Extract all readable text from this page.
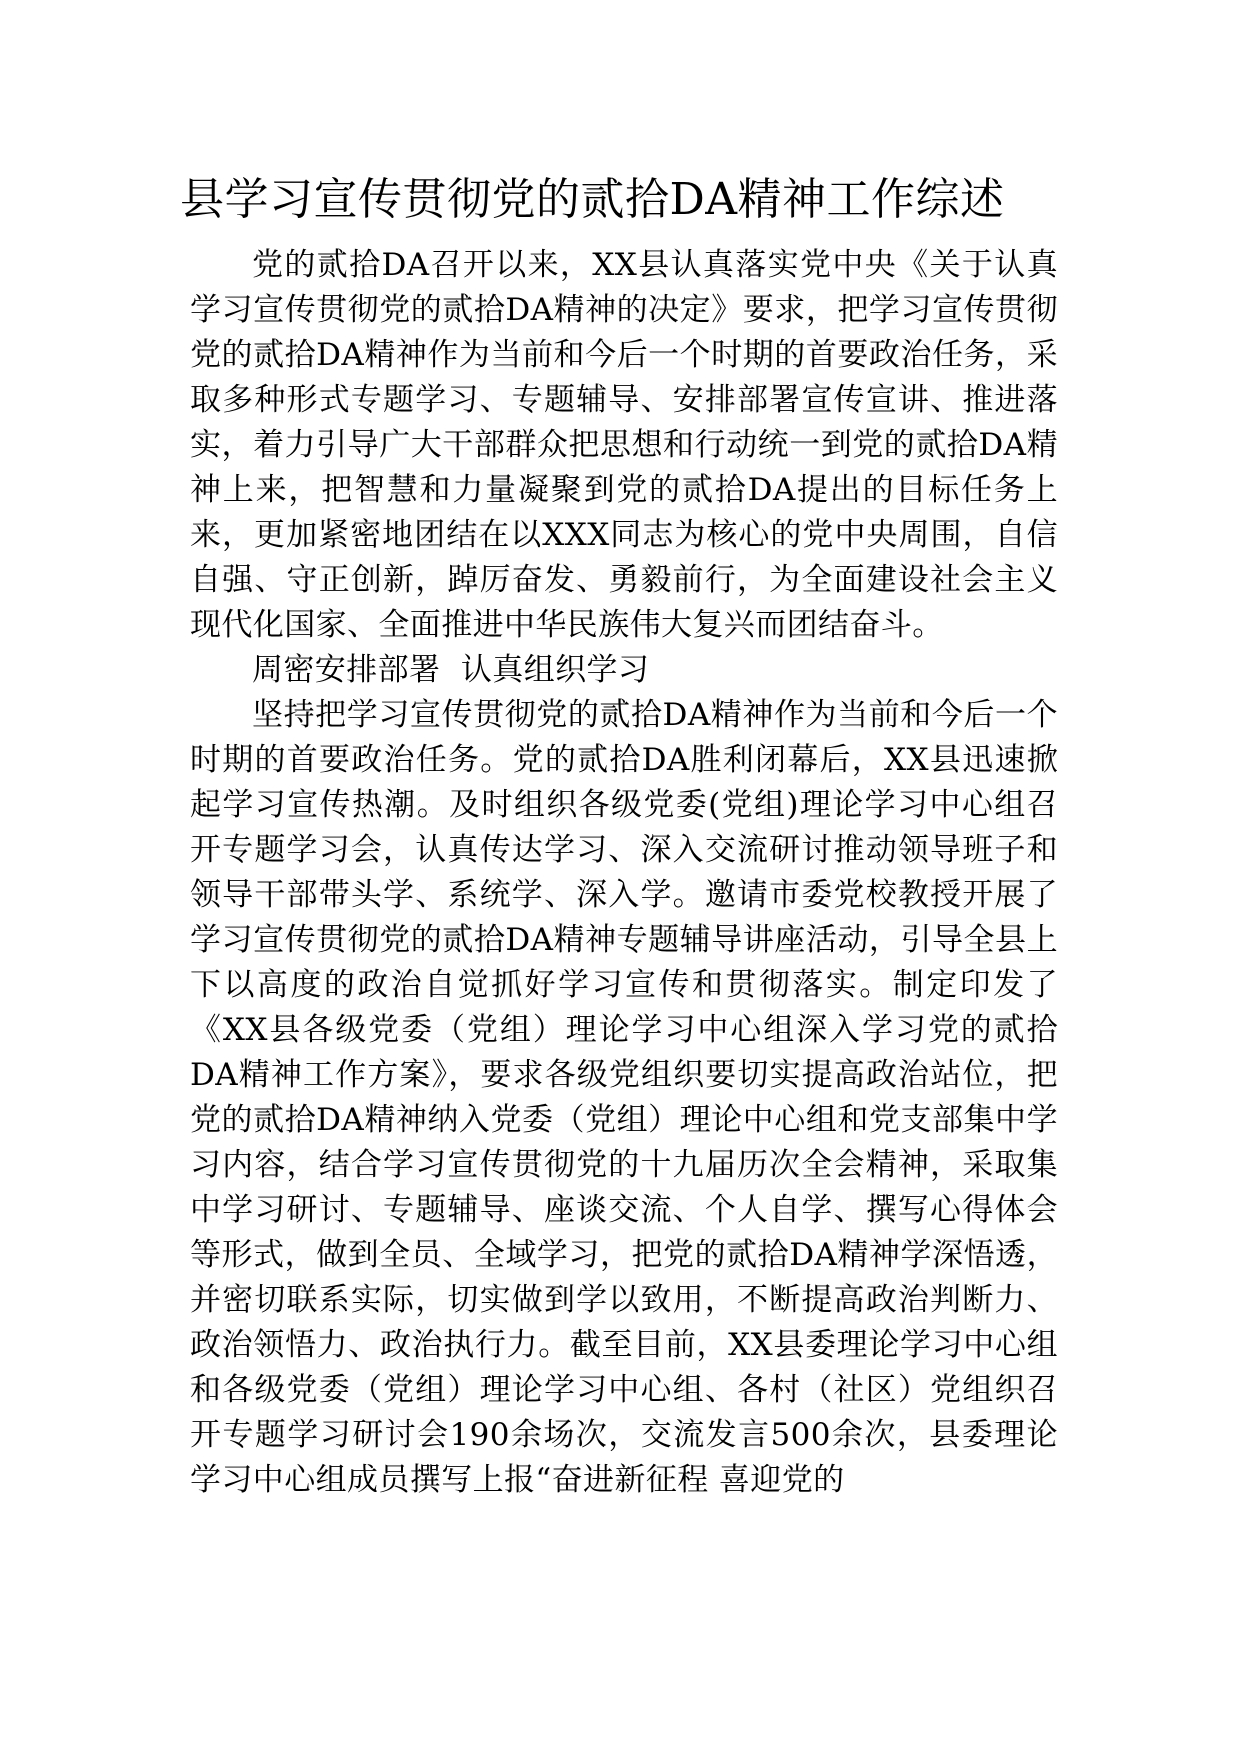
县学习宣传贯彻党的贰拾DA精神工作综述

党的贰拾DA召开以来，XX县认真落实党中央《关于认真学习宣传贯彻党的贰拾DA精神的决定》要求，把学习宣传贯彻党的贰拾DA精神作为当前和今后一个时期的首要政治任务，采取多种形式专题学习、专题辅导、安排部署宣传宣讲、推进落实，着力引导广大干部群众把思想和行动统一到党的贰拾DA精神上来，把智慧和力量凝聚到党的贰拾DA提出的目标任务上来，更加紧密地团结在以XXX同志为核心的党中央周围，自信自强、守正创新，踔厉奋发、勇毅前行，为全面建设社会主义现代化国家、全面推进中华民族伟大复兴而团结奋斗。

周密安排部署  认真组织学习

坚持把学习宣传贯彻党的贰拾DA精神作为当前和今后一个时期的首要政治任务。党的贰拾DA胜利闭幕后，XX县迅速掀起学习宣传热潮。及时组织各级党委(党组)理论学习中心组召开专题学习会，认真传达学习、深入交流研讨推动领导班子和领导干部带头学、系统学、深入学。邀请市委党校教授开展了学习宣传贯彻党的贰拾DA精神专题辅导讲座活动，引导全县上下以高度的政治自觉抓好学习宣传和贯彻落实。制定印发了《XX县各级党委（党组）理论学习中心组深入学习党的贰拾DA精神工作方案》，要求各级党组织要切实提高政治站位，把党的贰拾DA精神纳入党委（党组）理论中心组和党支部集中学习内容，结合学习宣传贯彻党的十九届历次全会精神，采取集中学习研讨、专题辅导、座谈交流、个人自学、撰写心得体会等形式，做到全员、全域学习，把党的贰拾DA精神学深悟透，并密切联系实际，切实做到学以致用，不断提高政治判断力、政治领悟力、政治执行力。截至目前，XX县委理论学习中心组和各级党委（党组）理论学习中心组、各村（社区）党组织召开专题学习研讨会190余场次，交流发言500余次，县委理论学习中心组成员撰写上报“奋进新征程 喜迎党的
